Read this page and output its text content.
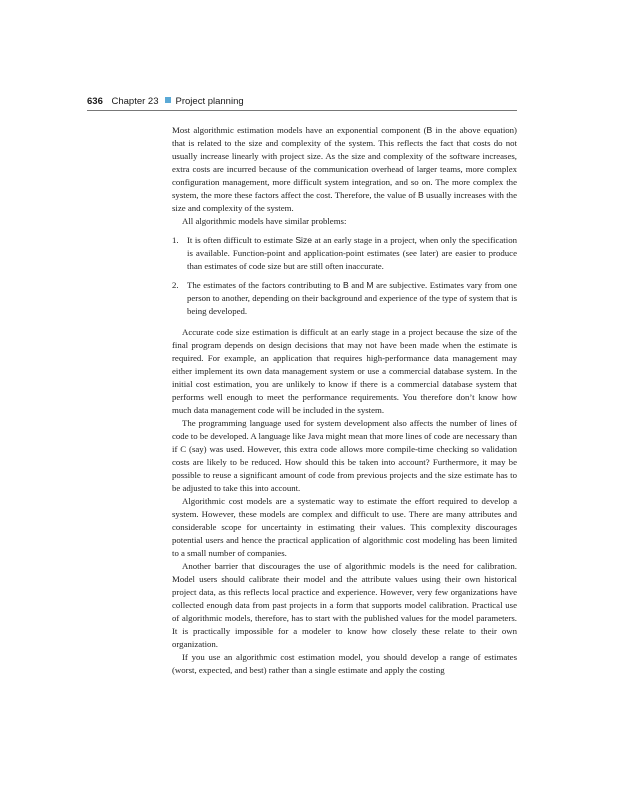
636 Chapter 23 Project planning

Most algorithmic estimation models have an exponential component (B in the above equation) that is related to the size and complexity of the system. This reflects the fact that costs do not usually increase linearly with project size. As the size and complexity of the software increases, extra costs are incurred because of the communication overhead of larger teams, more complex configuration management, more difficult system integration, and so on. The more complex the system, the more these factors affect the cost. Therefore, the value of B usually increases with the size and complexity of the system.

All algorithmic models have similar problems:

1. It is often difficult to estimate Size at an early stage in a project, when only the specification is available. Function-point and application-point estimates (see later) are easier to produce than estimates of code size but are still often inaccurate.
2. The estimates of the factors contributing to B and M are subjective. Estimates vary from one person to another, depending on their background and experience of the type of system that is being developed.

Accurate code size estimation is difficult at an early stage in a project because the size of the final program depends on design decisions that may not have been made when the estimate is required. For example, an application that requires high-performance data management may either implement its own data management system or use a commercial database system. In the initial cost estimation, you are unlikely to know if there is a commercial database system that performs well enough to meet the performance requirements. You therefore don’t know how much data management code will be included in the system.

The programming language used for system development also affects the number of lines of code to be developed. A language like Java might mean that more lines of code are necessary than if C (say) was used. However, this extra code allows more compile-time checking so validation costs are likely to be reduced. How should this be taken into account? Furthermore, it may be possible to reuse a significant amount of code from previous projects and the size estimate has to be adjusted to take this into account.

Algorithmic cost models are a systematic way to estimate the effort required to develop a system. However, these models are complex and difficult to use. There are many attributes and considerable scope for uncertainty in estimating their values. This complexity discourages potential users and hence the practical application of algorithmic cost modeling has been limited to a small number of companies.

Another barrier that discourages the use of algorithmic models is the need for calibration. Model users should calibrate their model and the attribute values using their own historical project data, as this reflects local practice and experience. However, very few organizations have collected enough data from past projects in a form that supports model calibration. Practical use of algorithmic models, therefore, has to start with the published values for the model parameters. It is practically impossible for a modeler to know how closely these relate to their own organization.

If you use an algorithmic cost estimation model, you should develop a range of estimates (worst, expected, and best) rather than a single estimate and apply the costing
